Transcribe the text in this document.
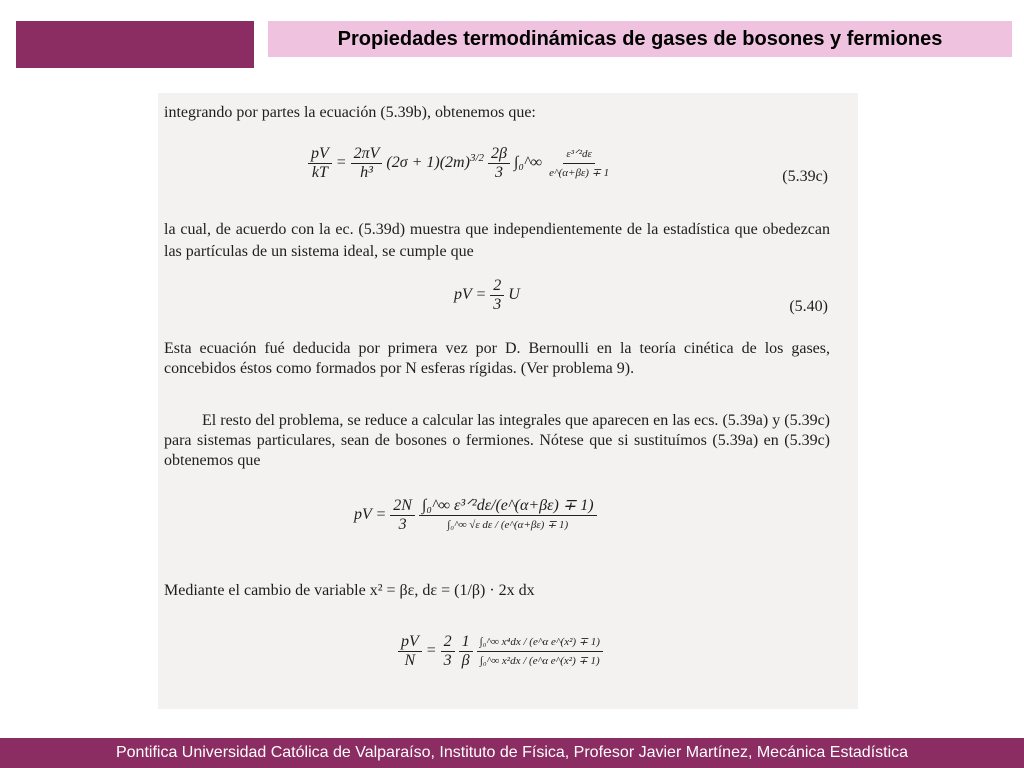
Propiedades termodinámicas de gases de bosones y fermiones
integrando por partes la ecuación (5.39b), obtenemos que:
$\frac{pV}{kT} = \frac{2\pi V}{\text{h³}} (2\sigma + 1)(2m)^{3/2} \frac{2\beta}{3}$ ∫₀^∞ $\frac{\text{ε³ᐟ²dε}}{e\^{}(\alpha+\beta\varepsilon) \mp 1}$	(5.39c)
la cual, de acuerdo con la ec. (5.39d) muestra que independientemente de la estadística que obedezcan las partículas de un sistema ideal, se cumple que
pV = $\frac{2}{3}$ U
(5.40)
Esta ecuación fué deducida por primera vez por D. Bernoulli en la teoría cinética de los gases, concebidos éstos como formados por N esferas rígidas. (Ver problema 9).
El resto del problema, se reduce a calcular las integrales que aparecen en las ecs. (5.39a) y (5.39c) para sistemas particulares, sean de bosones o fermiones. Nótese que si sustituímos (5.39a) en (5.39c) obtenemos que
pV = $\frac{2N}{3}$
$\frac{\text{∫₀\textasciicircum{}∞ ε³ᐟ²dε/(e\textasciicircum{}(α+βε) ∓ 1)}}{\text{∫₀\textasciicircum{}∞ √ε dε / (e\textasciicircum{}(α+βε) ∓ 1)}}$
Mediante el cambio de variable x² = βε, dε = (1/β) · 2x dx
$\frac{pV}{N} = \frac{2}{3}$
$\frac{1}{\beta}$
$\frac{\text{∫₀\textasciicircum{}∞ x⁴dx / (e\textasciicircum{}α e\textasciicircum{}(x²) ∓ 1)}}{\text{∫₀\textasciicircum{}∞ x²dx / (e\textasciicircum{}α e\textasciicircum{}(x²) ∓ 1)}}$
Pontifica Universidad Católica de Valparaíso, Instituto de Física, Profesor Javier Martínez, Mecánica Estadística
